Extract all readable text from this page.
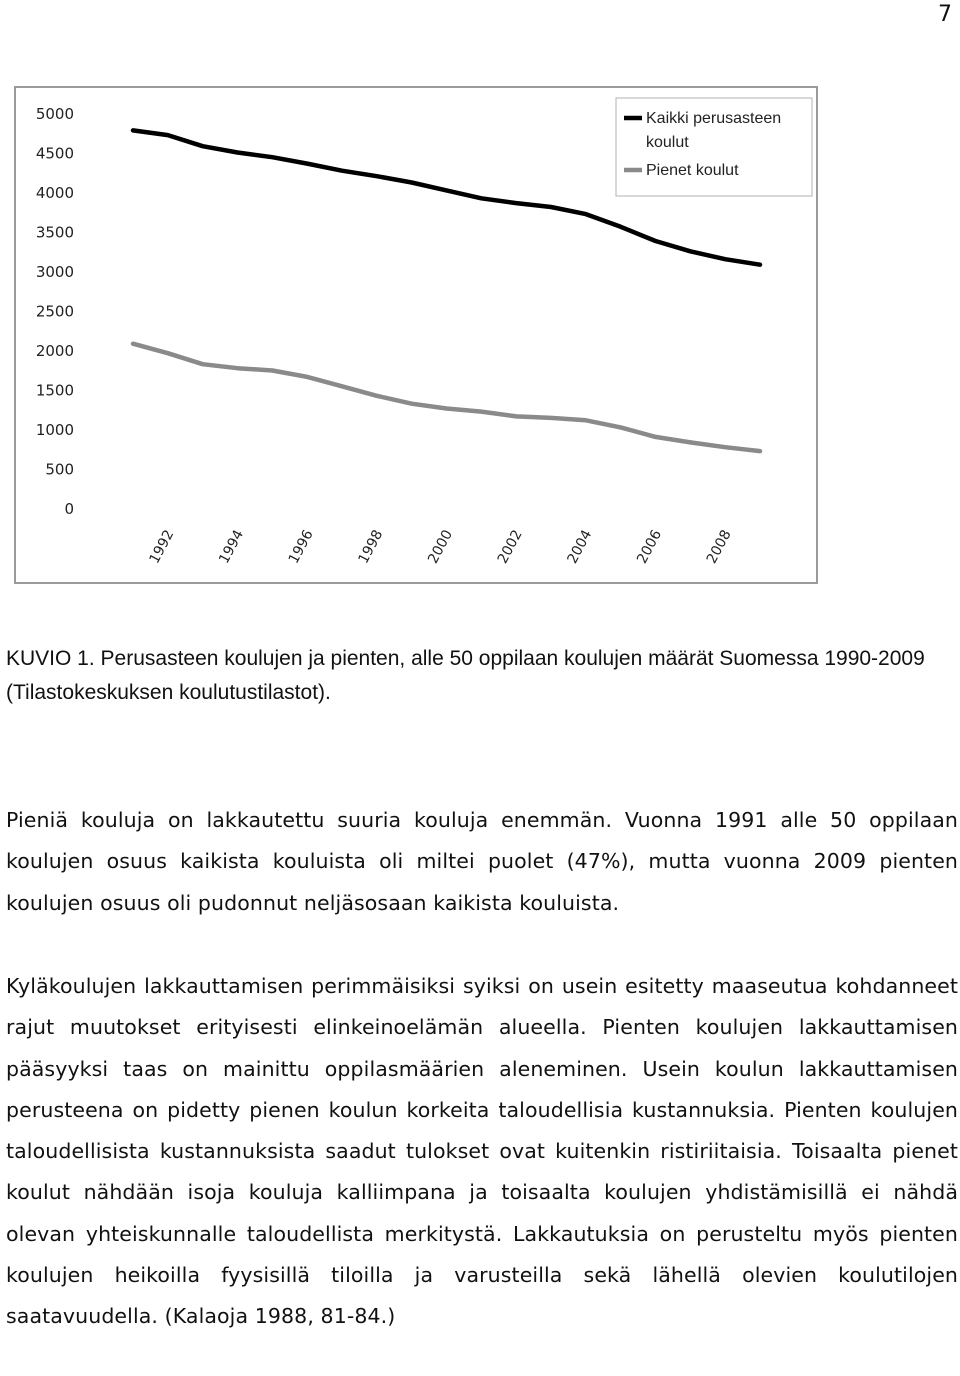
7
5000
4500
4000
3500
3000
2500
2000
1500
1000
500
0
1992	1994	1996	1998	2000	2002	2004	2006	2008
Kaikki perusasteen
koulut
Pienet koulut
KUVIO 1. Perusasteen koulujen ja pienten, alle 50 oppilaan koulujen määrät Suomessa 1990-2009 (Tilastokeskuksen koulutustilastot).

Pieniä kouluja on lakkautettu suuria kouluja enemmän. Vuonna 1991 alle 50 oppilaan koulujen osuus kaikista kouluista oli miltei puolet (47%), mutta vuonna 2009 pienten koulujen osuus oli pudonnut neljäsosaan kaikista kouluista.

Kyläkoulujen lakkauttamisen perimmäisiksi syiksi on usein esitetty maaseutua kohdanneet rajut muutokset erityisesti elinkeinoelämän alueella. Pienten koulujen lakkauttamisen pääsyyksi taas on mainittu oppilasmäärien aleneminen. Usein koulun lakkauttamisen perusteena on pidetty pienen koulun korkeita taloudellisia kustannuksia. Pienten koulujen taloudellisista kustannuksista saadut tulokset ovat kuitenkin ristiriitaisia. Toisaalta pienet koulut nähdään isoja kouluja kalliimpana ja toisaalta koulujen yhdistämisillä ei nähdä olevan yhteiskunnalle taloudellista merkitystä. Lakkautuksia on perusteltu myös pienten koulujen heikoilla fyysisillä tiloilla ja varusteilla sekä lähellä olevien koulutilojen saatavuudella. (Kalaoja 1988, 81-84.)
